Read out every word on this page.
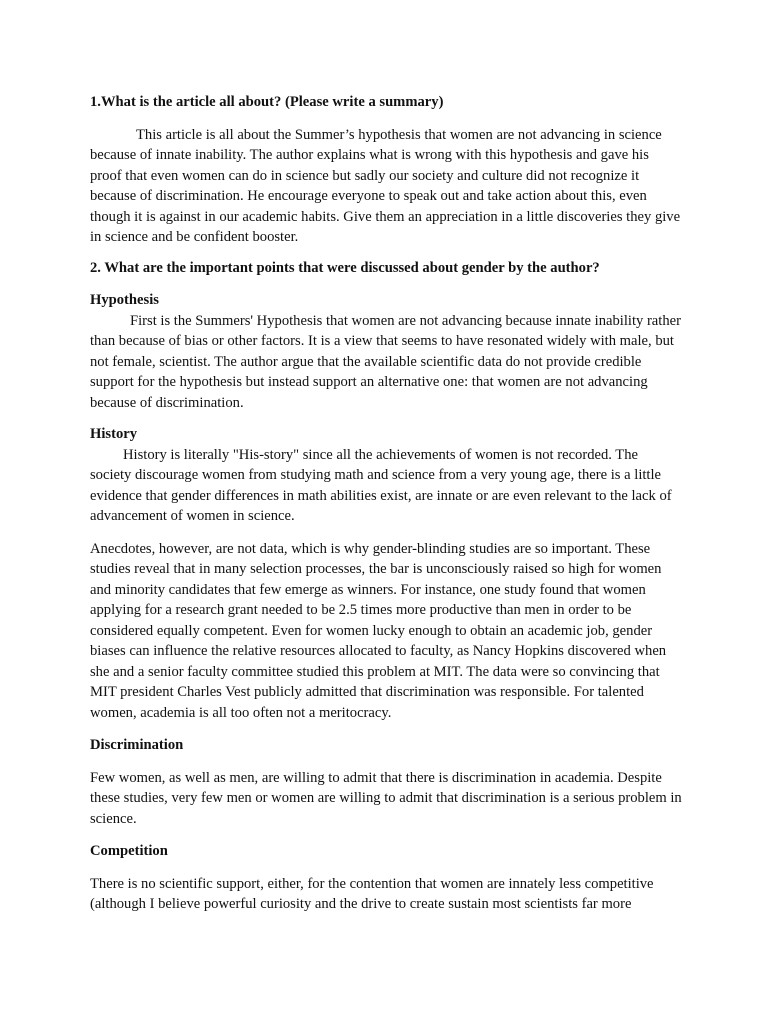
1.What is the article all about? (Please write a summary)

This article is all about the Summer’s hypothesis that women are not advancing in science because of innate inability. The author explains what is wrong with this hypothesis and gave his proof that even women can do in science but sadly our society and culture did not recognize it because of discrimination. He encourage everyone to speak out and take action about this, even though it is against in our academic habits. Give them an appreciation in a little discoveries they give in science and be confident booster.

2. What are the important points that were discussed about gender by the author?

Hypothesis

First is the Summers' Hypothesis that women are not advancing because innate inability rather than because of bias or other factors. It is a view that seems to have resonated widely with male, but not female, scientist. The author argue that the available scientific data do not provide credible support for the hypothesis but instead support an alternative one: that women are not advancing because of discrimination.

History

History is literally "His-story" since all the achievements of women is not recorded. The society discourage women from studying math and science from a very young age, there is a little evidence that gender differences in math abilities exist, are innate or are even relevant to the lack of advancement of women in science.

Anecdotes, however, are not data, which is why gender-blinding studies are so important. These studies reveal that in many selection processes, the bar is unconsciously raised so high for women and minority candidates that few emerge as winners. For instance, one study found that women applying for a research grant needed to be 2.5 times more productive than men in order to be considered equally competent. Even for women lucky enough to obtain an academic job, gender biases can influence the relative resources allocated to faculty, as Nancy Hopkins discovered when she and a senior faculty committee studied this problem at MIT. The data were so convincing that MIT president Charles Vest publicly admitted that discrimination was responsible. For talented women, academia is all too often not a meritocracy.

Discrimination

Few women, as well as men, are willing to admit that there is discrimination in academia. Despite these studies, very few men or women are willing to admit that discrimination is a serious problem in science.

Competition

There is no scientific support, either, for the contention that women are innately less competitive (although I believe powerful curiosity and the drive to create sustain most scientists far more
